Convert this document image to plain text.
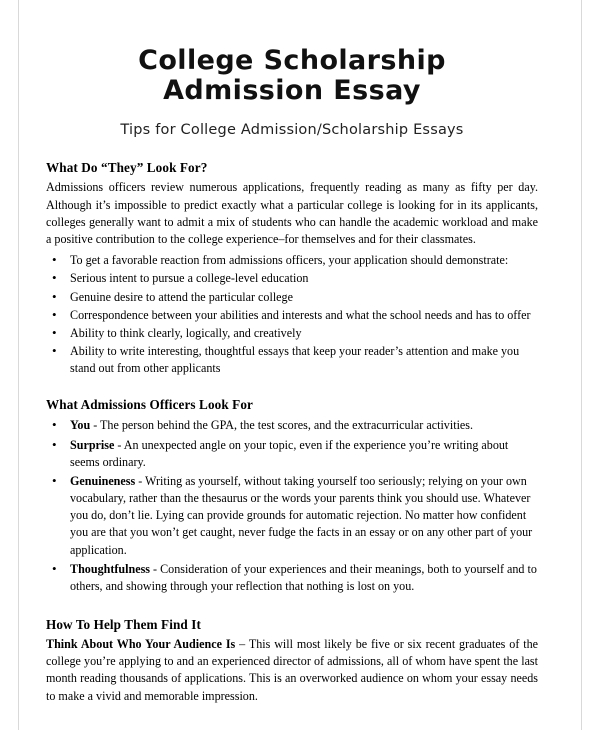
College Scholarship
Admission Essay

Tips for College Admission/Scholarship Essays

What Do “They” Look For?

Admissions officers review numerous applications, frequently reading as many as fifty per day. Although it’s impossible to predict exactly what a particular college is looking for in its applicants, colleges generally want to admit a mix of students who can handle the academic workload and make a positive contribution to the college experience–for themselves and for their classmates.

• To get a favorable reaction from admissions officers, your application should demonstrate:
• Serious intent to pursue a college-level education
• Genuine desire to attend the particular college
• Correspondence between your abilities and interests and what the school needs and has to offer
• Ability to think clearly, logically, and creatively
• Ability to write interesting, thoughtful essays that keep your reader’s attention and make you stand out from other applicants
What Admissions Officers Look For
• You - The person behind the GPA, the test scores, and the extracurricular activities.
• Surprise - An unexpected angle on your topic, even if the experience you’re writing about seems ordinary.
• Genuineness - Writing as yourself, without taking yourself too seriously; relying on your own vocabulary, rather than the thesaurus or the words your parents think you should use. Whatever you do, don’t lie. Lying can provide grounds for automatic rejection. No matter how confident you are that you won’t get caught, never fudge the facts in an essay or on any other part of your application.
• Thoughtfulness - Consideration of your experiences and their meanings, both to yourself and to others, and showing through your reflection that nothing is lost on you.
How To Help Them Find It

Think About Who Your Audience Is – This will most likely be five or six recent graduates of the college you’re applying to and an experienced director of admissions, all of whom have spent the last month reading thousands of applications. This is an overworked audience on whom your essay needs to make a vivid and memorable impression.
